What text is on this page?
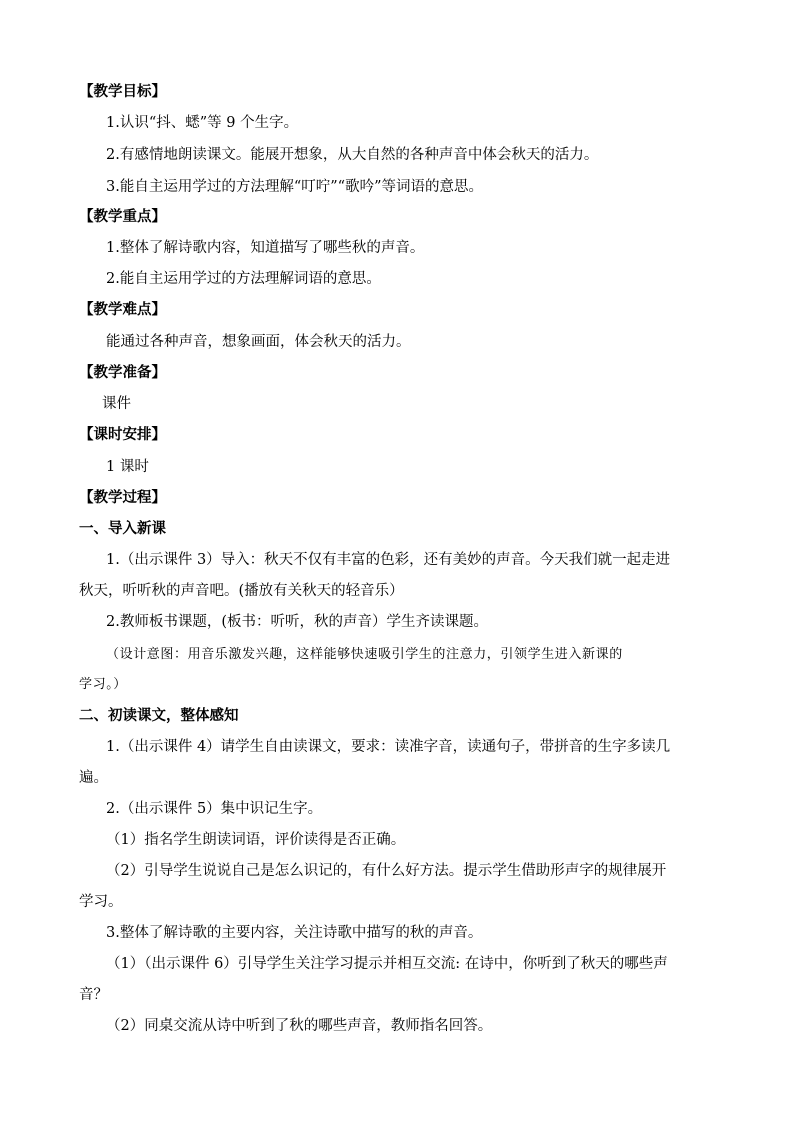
【教学目标】
1.认识“抖、蟋”等 9 个生字。
2.有感情地朗读课文。能展开想象，从大自然的各种声音中体会秋天的活力。
3.能自主运用学过的方法理解“叮咛”“歌吟”等词语的意思。
【教学重点】
1.整体了解诗歌内容，知道描写了哪些秋的声音。
2.能自主运用学过的方法理解词语的意思。
【教学难点】
能通过各种声音，想象画面，体会秋天的活力。
【教学准备】
课件
【课时安排】
1 课时
【教学过程】
一、导入新课
1.（出示课件 3）导入：秋天不仅有丰富的色彩，还有美妙的声音。今天我们就一起走进
秋天，听听秋的声音吧。(播放有关秋天的轻音乐）
2.教师板书课题，(板书：听听，秋的声音）学生齐读课题。
（设计意图：用音乐激发兴趣，这样能够快速吸引学生的注意力，引领学生进入新课的
学习。）
二、初读课文，整体感知
1.（出示课件 4）请学生自由读课文，要求：读准字音，读通句子，带拼音的生字多读几
遍。
2.（出示课件 5）集中识记生字。
（1）指名学生朗读词语，评价读得是否正确。
（2）引导学生说说自己是怎么识记的，有什么好方法。提示学生借助形声字的规律展开
学习。
3.整体了解诗歌的主要内容，关注诗歌中描写的秋的声音。
（1）（出示课件 6）引导学生关注学习提示并相互交流: 在诗中，你听到了秋天的哪些声
音？
（2）同桌交流从诗中听到了秋的哪些声音，教师指名回答。
